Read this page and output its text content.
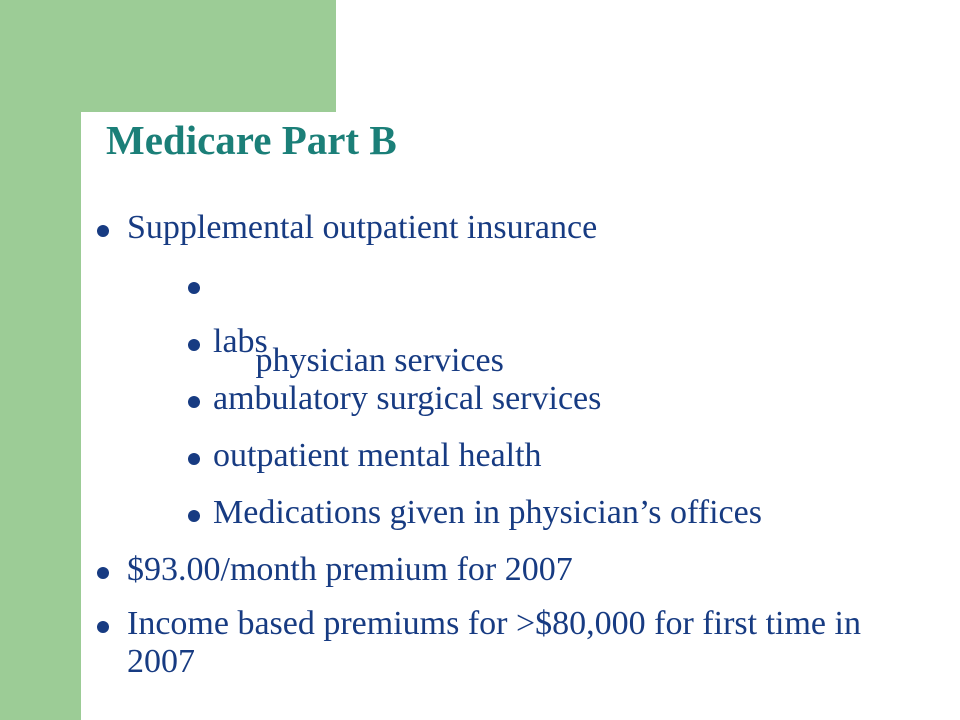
Medicare Part B
Supplemental outpatient insurance

physician services

labs
ambulatory surgical services
outpatient mental health
Medications given in physician’s offices
$93.00/month premium for 2007
Income based premiums for >$80,000 for first time in 2007
